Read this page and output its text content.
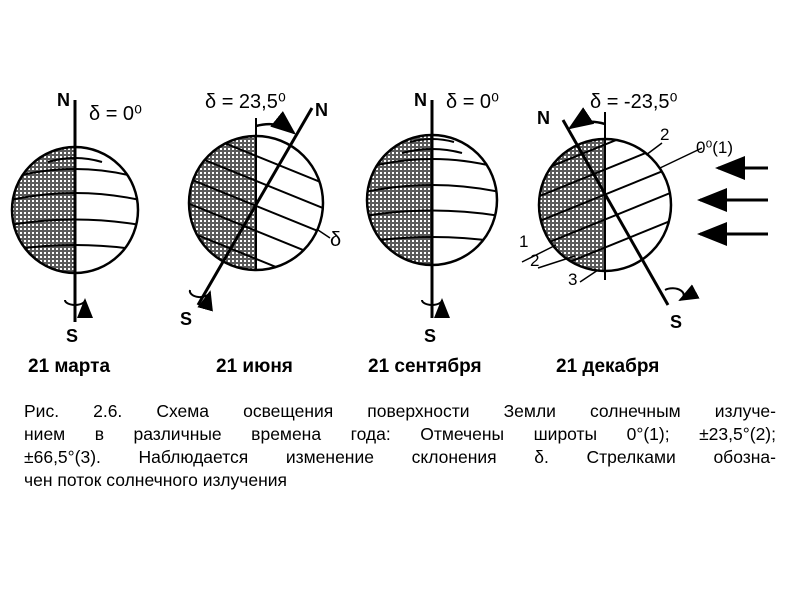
N
δ = 0⁰
S
21 марта
N
δ = 23,5⁰
δ
S
21 июня
N δ = 0⁰
S
21 сентября
N
δ = -23,5⁰
S
1
2
3
2
0⁰(1)
21 декабря
Рис. 2.6. Схема освещения поверхности Земли солнечным излуче-
нием в различные времена года: Отмечены широты 0°(1); ±23,5°(2);
±66,5°(3). Наблюдается изменение склонения δ. Стрелками обозна-
чен поток солнечного излучения
